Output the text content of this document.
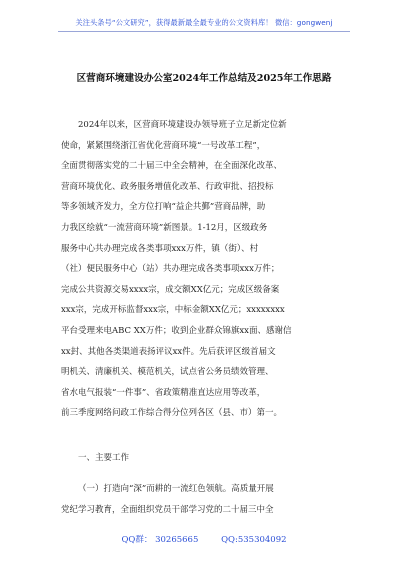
关注头条号“公文研究”，获得最新最全最专业的公文资料库！ 微信：gongwenj
区营商环境建设办公室2024年工作总结及2025年工作思路
2024年以来，区营商环境建设办领导班子立足新定位新
使命，紧紧围绕浙江省优化营商环境“一号改革工程”，
全面贯彻落实党的二十届三中全会精神，在全面深化改革、
营商环境优化、政务服务增值化改革、行政审批、招投标
等多领域齐发力，全方位打响“益企共鄞”营商品牌，助
力我区绘就“一流营商环境”新图景。1-12月，区级政务
服务中心共办理完成各类事项xxx万件，镇（街）、村
（社）便民服务中心（站）共办理完成各类事项xxx万件；
完成公共资源交易xxxx宗，成交额XX亿元；完成区级备案
xxx宗，完成开标监督xxx宗，中标金额XX亿元；xxxxxxxx
平台受理来电ABC XX万件；收到企业群众锦旗xx面、感谢信
xx封、其他各类渠道表扬评议xx件。先后获评区级首届文
明机关、清廉机关、模范机关，试点省公务员绩效管理、
省水电气报装“一件事”、省政策精准直达应用等改革，
前三季度网络问政工作综合得分位列各区（县、市）第一。
一、主要工作
（一）打造向“深”而耕的一流红色领航。高质量开展
党纪学习教育，全面组织党员干部学习党的二十届三中全
QQ群： 30265665	QQ:535304092
